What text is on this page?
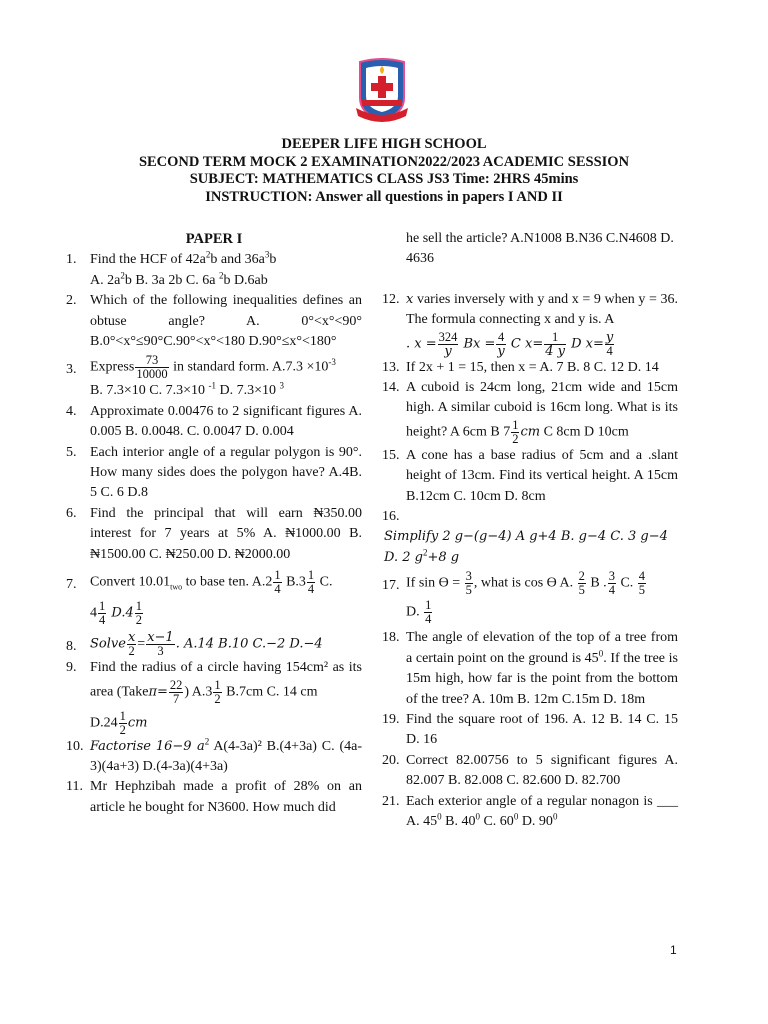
DEEPER LIFE HIGH SCHOOL
SECOND TERM MOCK 2 EXAMINATION2022/2023 ACADEMIC SESSION
SUBJECT: MATHEMATICS CLASS JS3 Time: 2HRS 45mins
INSTRUCTION: Answer all questions in papers I AND II
PAPER I
1. Find the HCF of $42a^2b$ and $36a^3b$
A. $2a^2b$ B. 3a 2b C. 6a $^2$b D.6ab
2. Which of the following inequalities defines an obtuse angle? A. 0°<x°<90° B.0°<x°≤90°C.90°<x°<180 D.90°≤x°<180°
3. Express $\frac{73}{10000}$ in standard form. $A.7.3 \times 10^{-3}$
B. 7.3×10 C. 7.3×10 $^{-1}$ D. 7.3×10 $^3$
4. Approximate 0.00476 to 2 significant figures A. 0.005 B. 0.0048. C. 0.0047 D. 0.004
5. Each interior angle of a regular polygon is 90°. How many sides does the polygon have? A.4B. 5 C. 6 D.8
6. Find the principal that will earn ₦350.00 interest for 7 years at 5% A. ₦1000.00 B. ₦1500.00 C. ₦250.00 D. ₦2000.00
7. Convert $10.01_{two}$ to base ten. $A.2 \frac{1}{4} B.3 \frac{1}{4} C$.
$4 \frac{1}{4} D.4 \frac{1}{2}$
8. Solve $\frac{x}{2} = \frac{x-1}{3}$ . A.14 B.10 C.−2 D.−4
9. Find the radius of a circle having 154cm² as its area (Takeπ= $\frac{22}{7}$ ) $A.3 \frac{1}{2} B.7cm$ C. 14 cm
$D.24 \frac{1}{2}$ cm
10. Factorise 16−9 $a^2$ A(4-3a)² B.(4+3a) C. (4a-3)(4a+3) D.(4-3a)(4+3a)
11. Mr Hephzibah made a profit of 28% on an article he bought for N3600. How much did
he sell the article? A.N1008 B.N36 C.N4608 D. 4636
12. x varies inversely with y and x = 9 when y = 36. The formula connecting x and y is. A
. $x = \frac{324}{y}$ $Bx = \frac{4}{y}$ C $x= \frac{1}{4 y}$ D $x= \frac{y}{4}$
13. If 2x + 1 = 15, then x = A. 7 B. 8 C. 12 D. 14
14. A cuboid is 24cm long, 21cm wide and 15cm high. A similar cuboid is 16cm long. What is its height? A 6cm B $7 \frac{1}{2}$ cm C 8cm D 10cm
15. A cone has a base radius of 5cm and a .slant height of 13cm. Find its vertical height. A 15cm B.12cm C. 10cm D. 8cm
16.

Simplify 2 g−(g−4) A g+4 B. g−4 C. 3 g−4 D. 2 $g^2+8$ g
17. If sin Ɵ = $\frac{3}{5}$ , what is cos Ɵ A. $\frac{2}{5}$ B . $\frac{3}{4} C$. $\frac{4}{5}$
D. $\frac{1}{4}$
18. The angle of elevation of the top of a tree from a certain point on the ground is $45^0$. If the tree is 15m high, how far is the point from the bottom of the tree? A. 10m B. 12m C.15m D. 18m
19. Find the square root of 196. A. 12 B. 14 C. 15 D. 16
20. Correct 82.00756 to 5 significant figures A. 82.007 B. 82.008 C. 82.600 D. 82.700
21. Each exterior angle of a regular nonagon is ___ A. $45^0$ B. $40^0$ C. $60^0$ D. $90^0$
1
